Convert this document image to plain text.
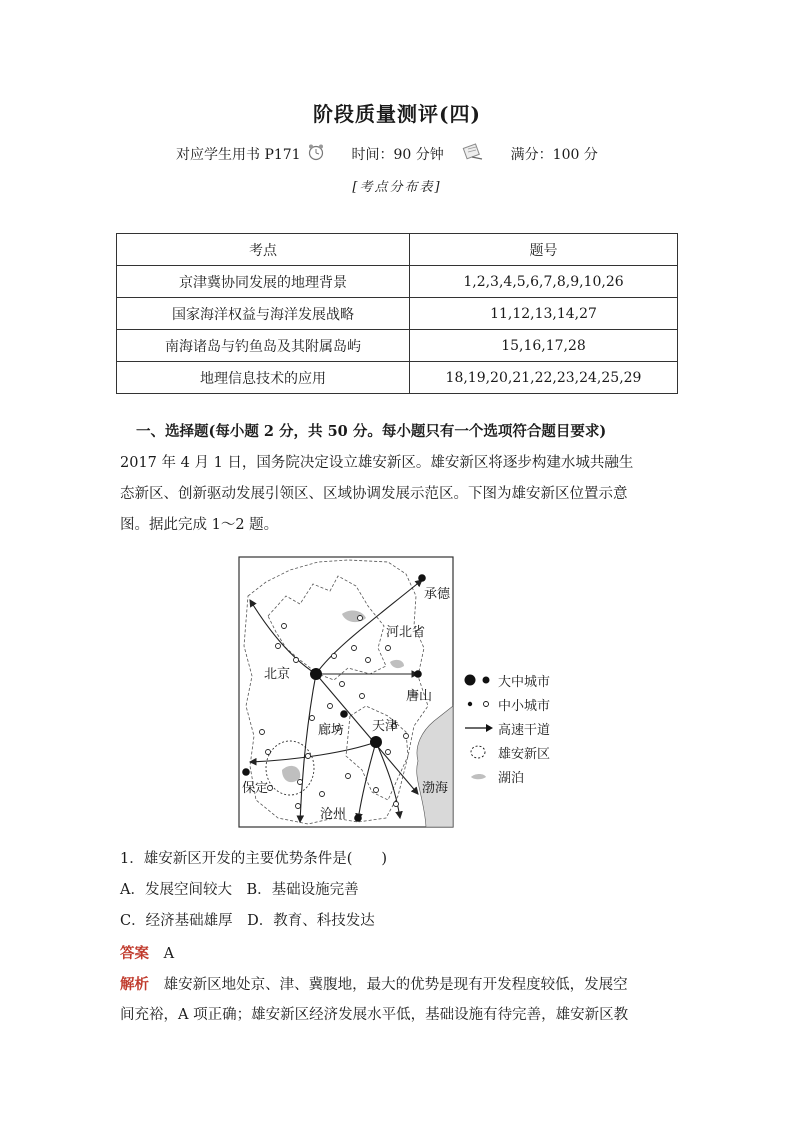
阶段质量测评(四)
对应学生用书 P171	时间：90 分钟	满分：100 分
[考点分布表]
考点	题号
京津冀协同发展的地理背景	1,2,3,4,5,6,7,8,9,10,26
国家海洋权益与海洋发展战略	11,12,13,14,27
南海诸岛与钓鱼岛及其附属岛屿	15,16,17,28
地理信息技术的应用	18,19,20,21,22,23,24,25,29
一、选择题(每小题 2 分，共 50 分。每小题只有一个选项符合题目要求)
2017 年 4 月 1 日，国务院决定设立雄安新区。雄安新区将逐步构建水城共融生
态新区、创新驱动发展引领区、区域协调发展示范区。下图为雄安新区位置示意
图。据此完成 1～2 题。
承德
河北省
北京
唐山
廊坊 天津
保定	渤海
沧州
大中城市
中小城市
高速干道
雄安新区
湖泊
1．雄安新区开发的主要优势条件是(　　)
A．发展空间较大　B．基础设施完善
C．经济基础雄厚　D．教育、科技发达
答案 A
解析 雄安新区地处京、津、冀腹地，最大的优势是现有开发程度较低，发展空
间充裕，A 项正确；雄安新区经济发展水平低，基础设施有待完善，雄安新区教
